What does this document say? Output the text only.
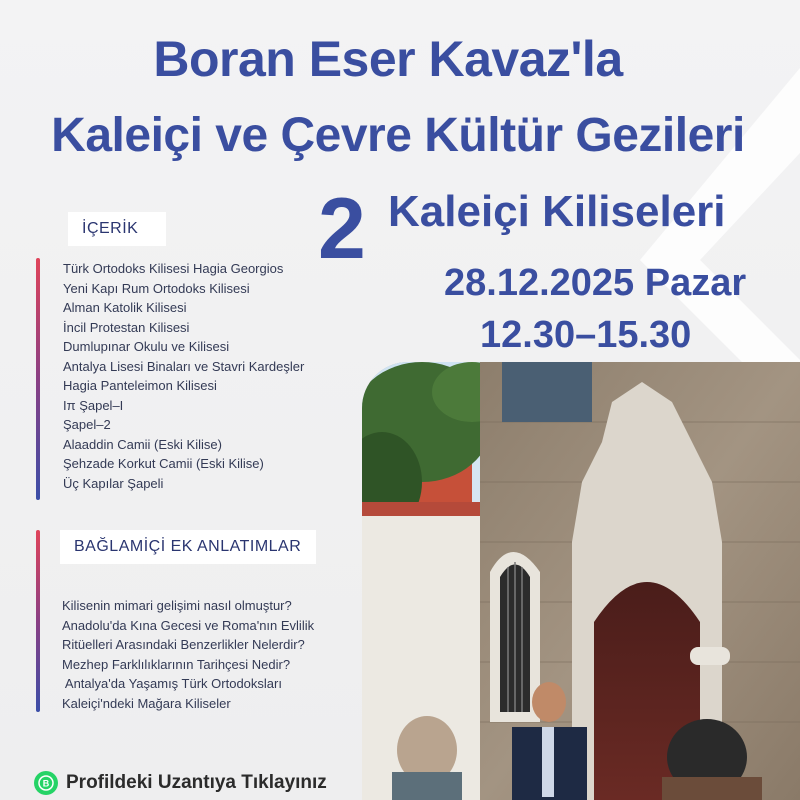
Boran Eser Kavaz'la
Kaleiçi ve Çevre Kültür Gezileri
2 Kaleiçi Kiliseleri
28.12.2025 Pazar
12.30–15.30
İÇERİK
Türk Ortodoks Kilisesi Hagia Georgios
Yeni Kapı Rum Ortodoks Kilisesi
Alman Katolik Kilisesi
İncil Protestan Kilisesi
Dumlupınar Okulu ve Kilisesi
Antalya Lisesi Binaları ve Stavri Kardeşler
Hagia Panteleimon Kilisesi
Iπ Şapel–I
Şapel–2
Alaaddin Camii (Eski Kilise)
Şehzade Korkut Camii (Eski Kilise)
Üç Kapılar Şapeli
BAĞLAMİÇİ EK ANLATIMLAR
Kilisenin mimari gelişimi nasıl olmuştur?
Anadolu'da Kına Gecesi ve Roma'nın Evlilik
Ritüelleri Arasındaki Benzerlikler Nelerdir?
Mezhep Farklılıklarının Tarihçesi Nedir?
Antalya'da Yaşamış Türk Ortodoksları
Kaleiçi'ndeki Mağara Kiliseler
B Profildeki Uzantıya Tıklayınız
